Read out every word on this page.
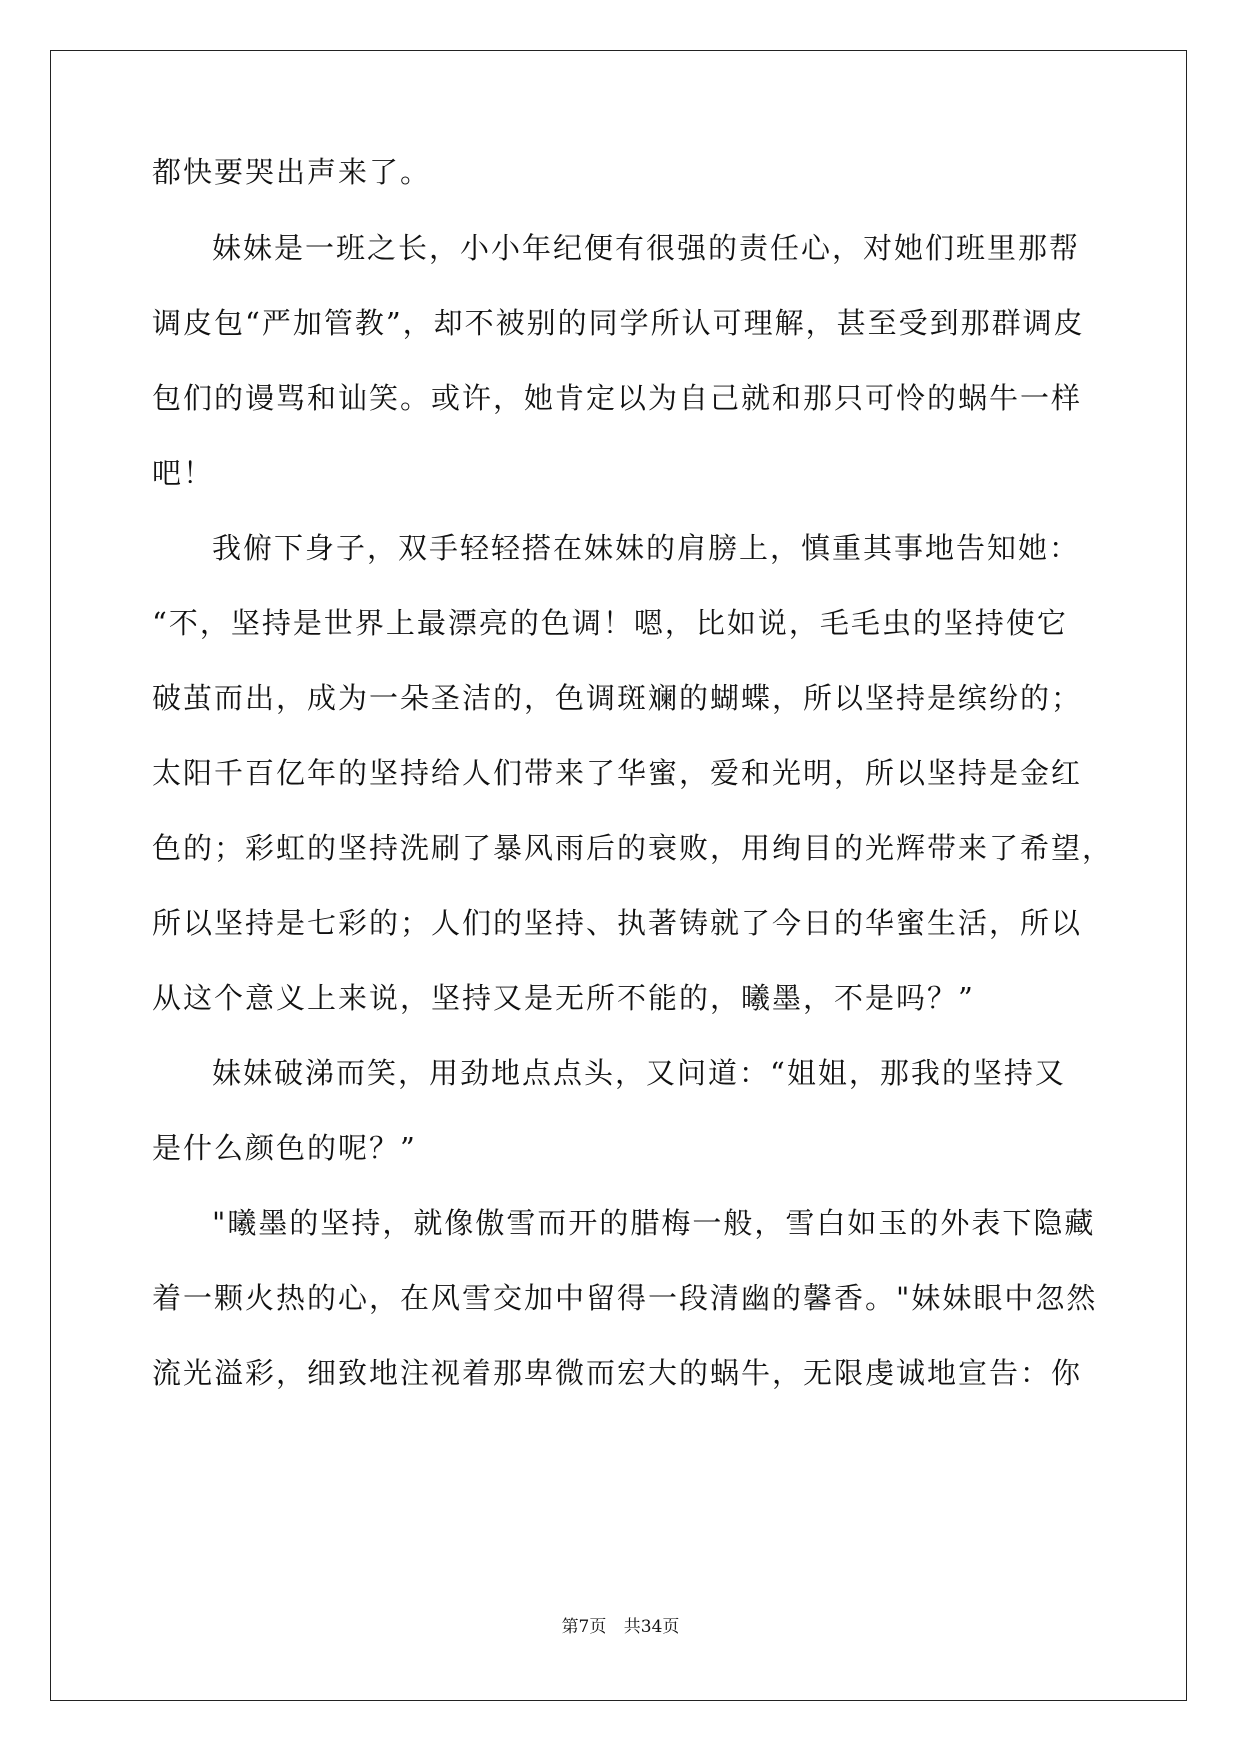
都快要哭出声来了。

妹妹是一班之长，小小年纪便有很强的责任心，对她们班里那帮

调皮包“严加管教”，却不被别的同学所认可理解，甚至受到那群调皮

包们的谩骂和讪笑。或许，她肯定以为自己就和那只可怜的蜗牛一样

吧！

我俯下身子，双手轻轻搭在妹妹的肩膀上，慎重其事地告知她：

“不，坚持是世界上最漂亮的色调！嗯，比如说，毛毛虫的坚持使它

破茧而出，成为一朵圣洁的，色调斑斓的蝴蝶，所以坚持是缤纷的；

太阳千百亿年的坚持给人们带来了华蜜，爱和光明，所以坚持是金红

色的；彩虹的坚持洗刷了暴风雨后的衰败，用绚目的光辉带来了希望，

所以坚持是七彩的；人们的坚持、执著铸就了今日的华蜜生活，所以

从这个意义上来说，坚持又是无所不能的，曦墨，不是吗？”

妹妹破涕而笑，用劲地点点头，又问道：“姐姐，那我的坚持又

是什么颜色的呢？”

"曦墨的坚持，就像傲雪而开的腊梅一般，雪白如玉的外表下隐藏

着一颗火热的心，在风雪交加中留得一段清幽的馨香。"妹妹眼中忽然

流光溢彩，细致地注视着那卑微而宏大的蜗牛，无限虔诚地宣告：你

第7页 共34页
